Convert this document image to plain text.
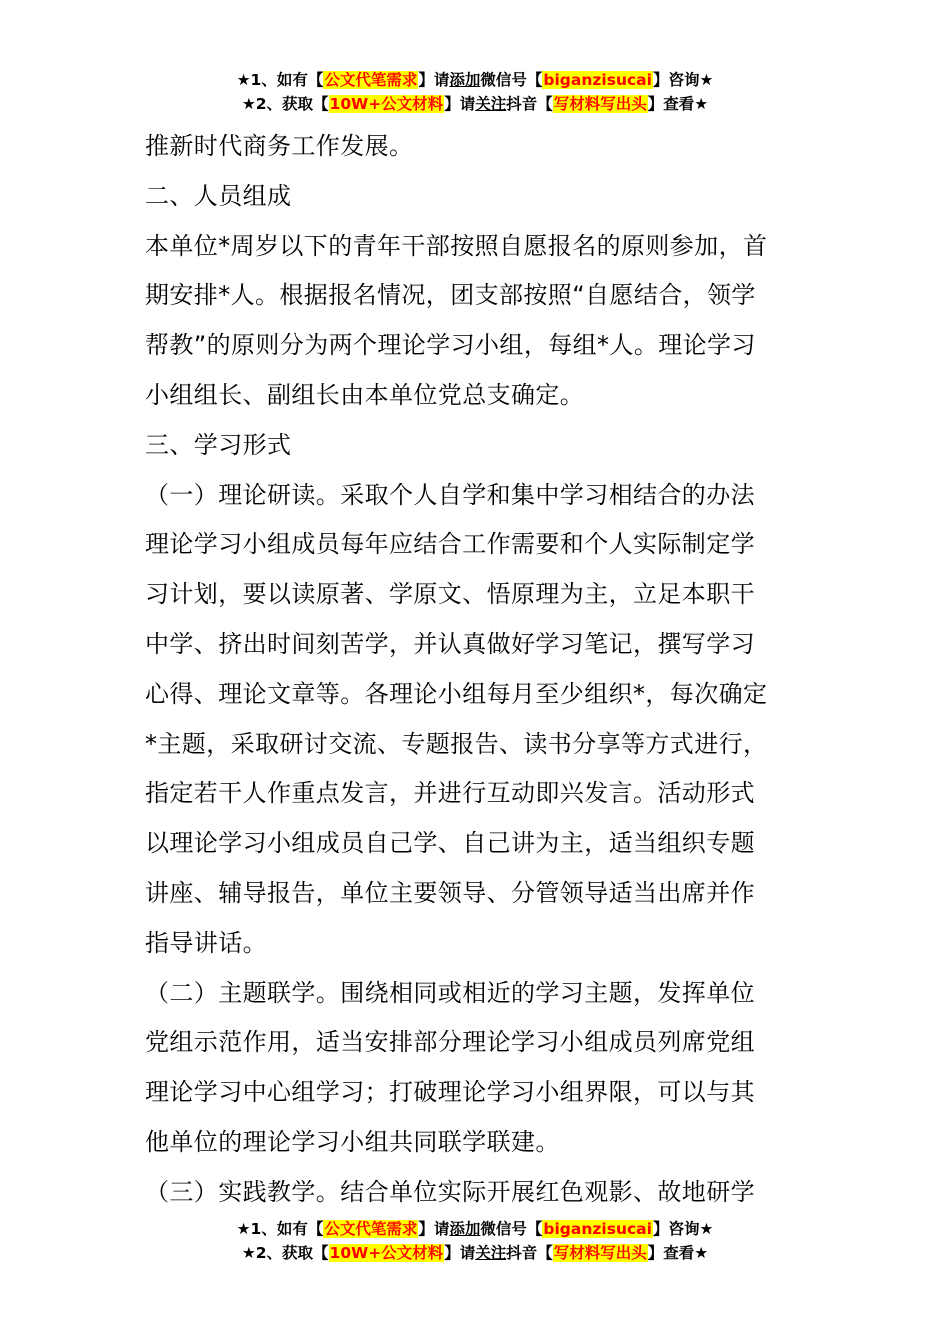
★1、如有【公文代笔需求】请添加微信号【biganzisucai】咨询★
★2、获取【10W+公文材料】请关注抖音【写材料写出头】查看★

推新时代商务工作发展。

二、人员组成

本单位*周岁以下的青年干部按照自愿报名的原则参加，首

期安排*人。根据报名情况，团支部按照“自愿结合，领学

帮教”的原则分为两个理论学习小组，每组*人。理论学习

小组组长、副组长由本单位党总支确定。

三、学习形式

（一）理论研读。采取个人自学和集中学习相结合的办法

理论学习小组成员每年应结合工作需要和个人实际制定学

习计划，要以读原著、学原文、悟原理为主，立足本职干

中学、挤出时间刻苦学，并认真做好学习笔记，撰写学习

心得、理论文章等。各理论小组每月至少组织*，每次确定

*主题，采取研讨交流、专题报告、读书分享等方式进行，

指定若干人作重点发言，并进行互动即兴发言。活动形式

以理论学习小组成员自己学、自己讲为主，适当组织专题

讲座、辅导报告，单位主要领导、分管领导适当出席并作

指导讲话。

（二）主题联学。围绕相同或相近的学习主题，发挥单位

党组示范作用，适当安排部分理论学习小组成员列席党组

理论学习中心组学习；打破理论学习小组界限，可以与其

他单位的理论学习小组共同联学联建。

（三）实践教学。结合单位实际开展红色观影、故地研学

★1、如有【公文代笔需求】请添加微信号【biganzisucai】咨询★
★2、获取【10W+公文材料】请关注抖音【写材料写出头】查看★
